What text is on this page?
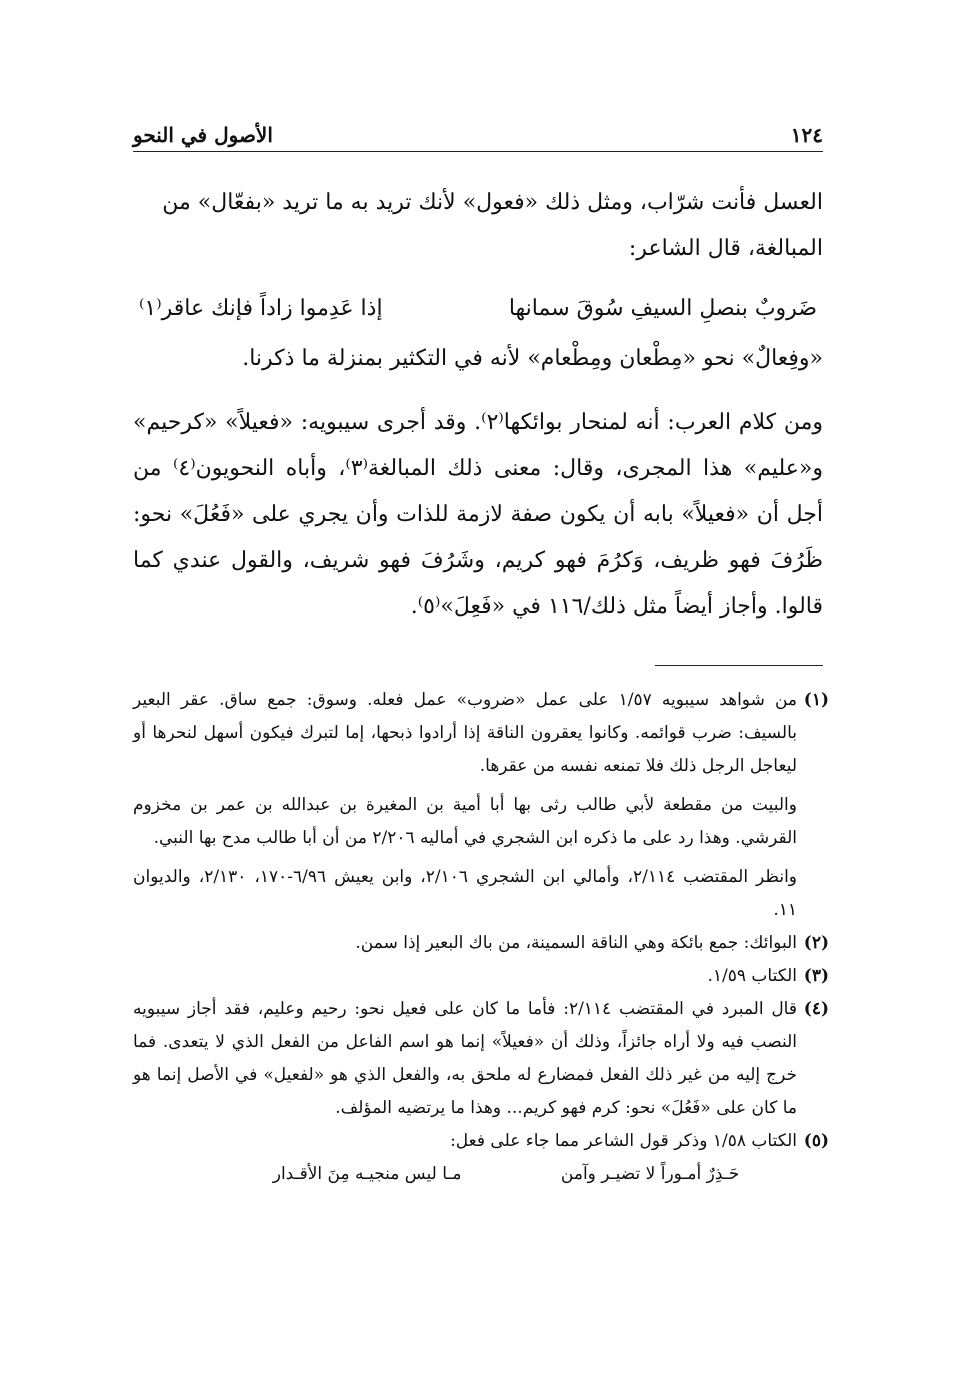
١٢٤
الأصول في النحو

العسل فأنت شرّاب، ومثل ذلك «فعول» لأنك تريد به ما تريد «بفعّال» من

المبالغة، قال الشاعر:

ضَروبٌ بنصلِ السيفِ سُوقَ سمانها
إذا عَدِموا زاداً فإنك عاقر⁽١⁾

«وفِعالٌ» نحو «مِطْعان ومِطْعام» لأنه في التكثير بمنزلة ما ذكرنا.

ومن كلام العرب: أنه لمنحار بوائكها⁽٢⁾. وقد أجرى سيبويه: «فعيلاً» «كرحيم» و«عليم» هذا المجرى، وقال: معنى ذلك المبالغة⁽٣⁾، وأباه النحويون⁽٤⁾ من أجل أن «فعيلاً» بابه أن يكون صفة لازمة للذات وأن يجري على «فَعُلَ» نحو: ظَرُفَ فهو ظريف، وَكرُمَ فهو كريم، وشَرُفَ فهو شريف، والقول عندي كما قالوا. وأجاز أيضاً مثل ذلك/١١٦ في «فَعِلَ»⁽٥⁾.

(١)
من شواهد سيبويه ١/٥٧ على عمل «ضروب» عمل فعله. وسوق: جمع ساق. عقر البعير بالسيف: ضرب قوائمه. وكانوا يعقرون الناقة إذا أرادوا ذبحها، إما لتبرك فيكون أسهل لنحرها أو ليعاجل الرجل ذلك فلا تمنعه نفسه من عقرها.
والبيت من مقطعة لأبي طالب رثى بها أبا أمية بن المغيرة بن عبدالله بن عمر بن مخزوم القرشي. وهذا رد على ما ذكره ابن الشجري في أماليه ٢/٢٠٦ من أن أبا طالب مدح بها النبي.
وانظر المقتضب ٢/١١٤، وأمالي ابن الشجري ٢/١٠٦، وابن يعيش ٦/٩٦-١٧٠، ٢/١٣٠، والديوان ١١.
(٢)
البوائك: جمع بائكة وهي الناقة السمينة، من باك البعير إذا سمن.
(٣)
الكتاب ١/٥٩.
(٤)
قال المبرد في المقتضب ٢/١١٤: فأما ما كان على فعيل نحو: رحيم وعليم، فقد أجاز سيبويه النصب فيه ولا أراه جائزاً، وذلك أن «فعيلاً» إنما هو اسم الفاعل من الفعل الذي لا يتعدى. فما خرج إليه من غير ذلك الفعل فمضارع له ملحق به، والفعل الذي هو «لفعيل» في الأصل إنما هو ما كان على «فَعُلَ» نحو: كرم فهو كريم... وهذا ما يرتضيه المؤلف.
(٥)
الكتاب ١/٥٨ وذكر قول الشاعر مما جاء على فعل:
حَـذِرٌ أمـوراً لا تضيـر وآمن
مـا ليس منجيـه مِنَ الأقـدار
